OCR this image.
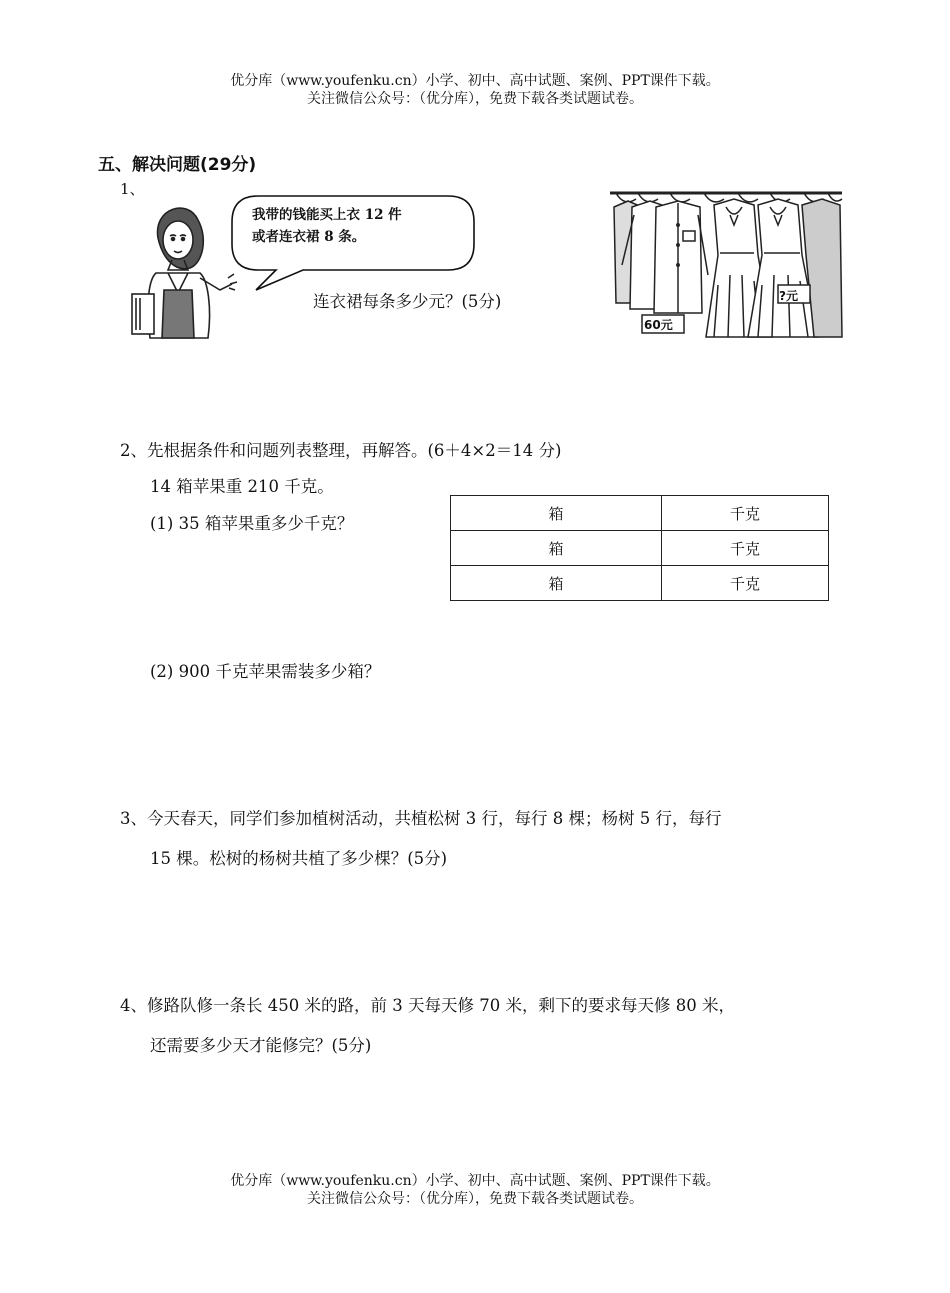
优分库（www.youfenku.cn）小学、初中、高中试题、案例、PPT课件下载。
关注微信公众号：（优分库），免费下载各类试题试卷。
五、解决问题(29分)
1、
我带的钱能买上衣 12 件
或者连衣裙 8 条。
连衣裙每条多少元？(5分)
60元
?元
2、先根据条件和问题列表整理，再解答。(6＋4×2＝14 分)
14 箱苹果重 210 千克。
(1) 35 箱苹果重多少千克？
箱	千克
箱	千克
箱	千克
(2) 900 千克苹果需装多少箱？
3、今天春天，同学们参加植树活动，共植松树 3 行，每行 8 棵；杨树 5 行，每行
15 棵。松树的杨树共植了多少棵？(5分)
4、修路队修一条长 450 米的路，前 3 天每天修 70 米，剩下的要求每天修 80 米，
还需要多少天才能修完？(5分)
优分库（www.youfenku.cn）小学、初中、高中试题、案例、PPT课件下载。
关注微信公众号：（优分库），免费下载各类试题试卷。
